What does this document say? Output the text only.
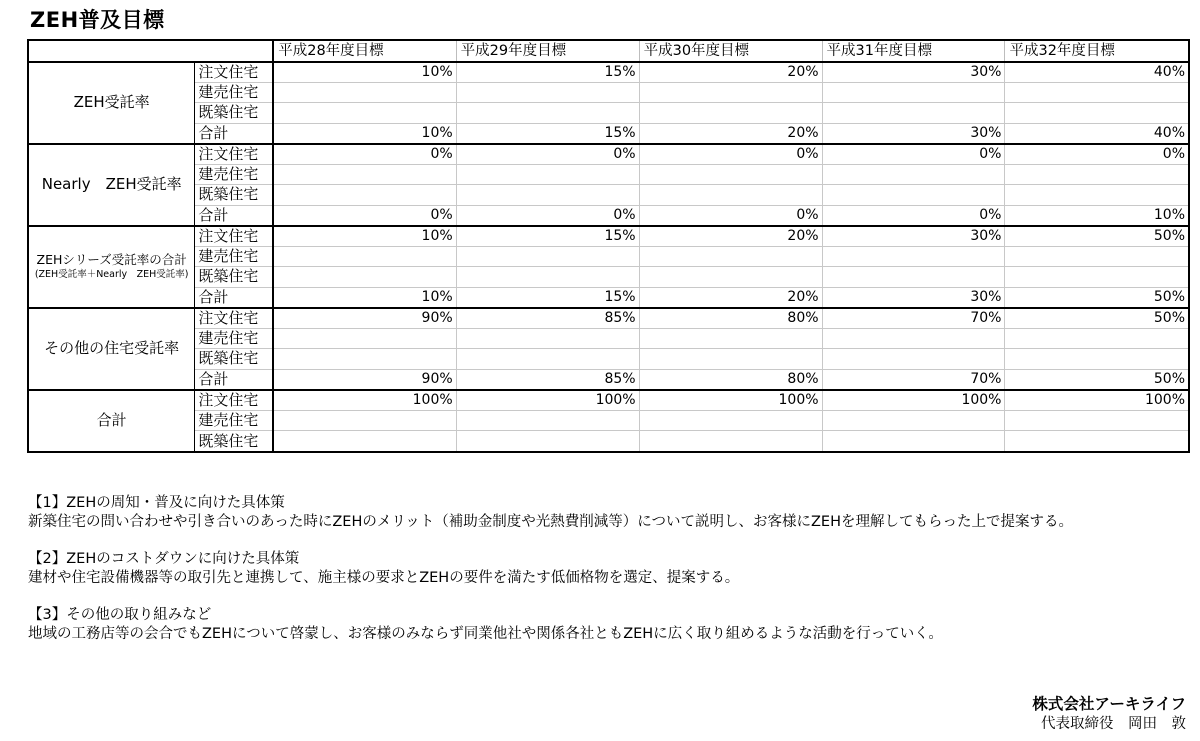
ZEH普及目標
		平成28年度目標	平成29年度目標	平成30年度目標	平成31年度目標	平成32年度目標
ZEH受託率	注文住宅	10%	15%	20%	30%	40%
	建売住宅					
	既築住宅					
	合計	10%	15%	20%	30%	40%
Nearly　ZEH受託率	注文住宅	0%	0%	0%	0%	0%
	建売住宅					
	既築住宅					
	合計	0%	0%	0%	0%	10%

ZEHシリーズ受託率の合計
(ZEH受託率＋Nearly　ZEH受託率)	注文住宅	10%	15%	20%	30%	50%
	建売住宅					
	既築住宅					
	合計	10%	15%	20%	30%	50%
その他の住宅受託率	注文住宅	90%	85%	80%	70%	50%
	建売住宅					
	既築住宅					
	合計	90%	85%	80%	70%	50%
合計	注文住宅	100%	100%	100%	100%	100%
	建売住宅					
	既築住宅					
【1】ZEHの周知・普及に向けた具体策
新築住宅の問い合わせや引き合いのあった時にZEHのメリット（補助金制度や光熱費削減等）について説明し、お客様にZEHを理解してもらった上で提案する。
【2】ZEHのコストダウンに向けた具体策
建材や住宅設備機器等の取引先と連携して、施主様の要求とZEHの要件を満たす低価格物を選定、提案する。
【3】その他の取り組みなど
地域の工務店等の会合でもZEHについて啓蒙し、お客様のみならず同業他社や関係各社ともZEHに広く取り組めるような活動を行っていく。
株式会社アーキライフ
代表取締役　岡田　敦
